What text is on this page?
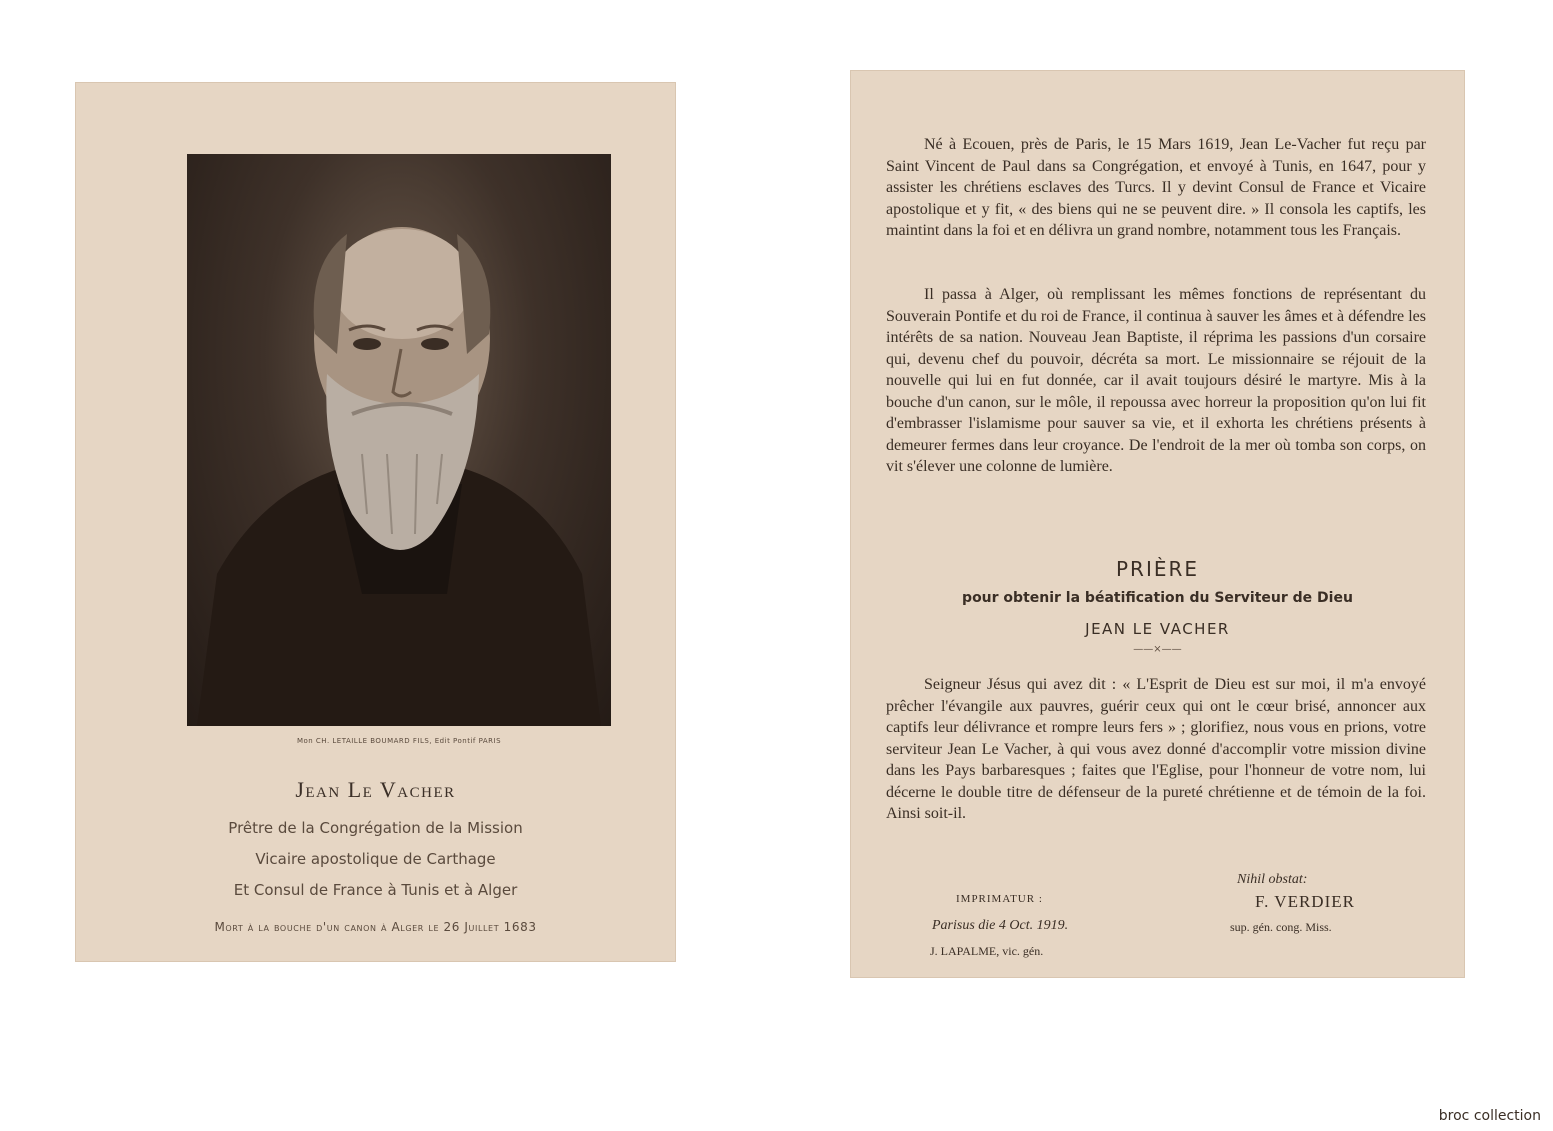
Mon CH. LETAILLE BOUMARD FILS, Edit Pontif PARIS
Jean Le Vacher
Prêtre de la Congrégation de la Mission
Vicaire apostolique de Carthage
Et Consul de France à Tunis et à Alger
Mort à la bouche d'un canon à Alger le 26 Juillet 1683

Né à Ecouen, près de Paris, le 15 Mars 1619, Jean Le-Vacher fut reçu par Saint Vincent de Paul dans sa Congrégation, et envoyé à Tunis, en 1647, pour y assister les chrétiens esclaves des Turcs. Il y devint Consul de France et Vicaire apostolique et y fit, « des biens qui ne se peuvent dire. » Il consola les captifs, les maintint dans la foi et en délivra un grand nombre, notamment tous les Français.

Il passa à Alger, où remplissant les mêmes fonctions de représentant du Souverain Pontife et du roi de France, il continua à sauver les âmes et à défendre les intérêts de sa nation. Nouveau Jean Baptiste, il réprima les passions d'un corsaire qui, devenu chef du pouvoir, décréta sa mort. Le missionnaire se réjouit de la nouvelle qui lui en fut donnée, car il avait toujours désiré le martyre. Mis à la bouche d'un canon, sur le môle, il repoussa avec horreur la proposition qu'on lui fit d'embrasser l'islamisme pour sauver sa vie, et il exhorta les chrétiens présents à demeurer fermes dans leur croyance. De l'endroit de la mer où tomba son corps, on vit s'élever une colonne de lumière.

PRIÈRE
pour obtenir la béatification du Serviteur de Dieu
JEAN LE VACHER
——×——

Seigneur Jésus qui avez dit : « L'Esprit de Dieu est sur moi, il m'a envoyé prêcher l'évangile aux pauvres, guérir ceux qui ont le cœur brisé, annoncer aux captifs leur délivrance et rompre leurs fers » ; glorifiez, nous vous en prions, votre serviteur Jean Le Vacher, à qui vous avez donné d'accomplir votre mission divine dans les Pays barbaresques ; faites que l'Eglise, pour l'honneur de votre nom, lui décerne le double titre de défenseur de la pureté chrétienne et de témoin de la foi. Ainsi soit-il.

Nihil obstat:
F. VERDIER
IMPRIMATUR :
Parisus die 4 Oct. 1919.	sup. gén. cong. Miss.
J. LAPALME, vic. gén.
broc collection
